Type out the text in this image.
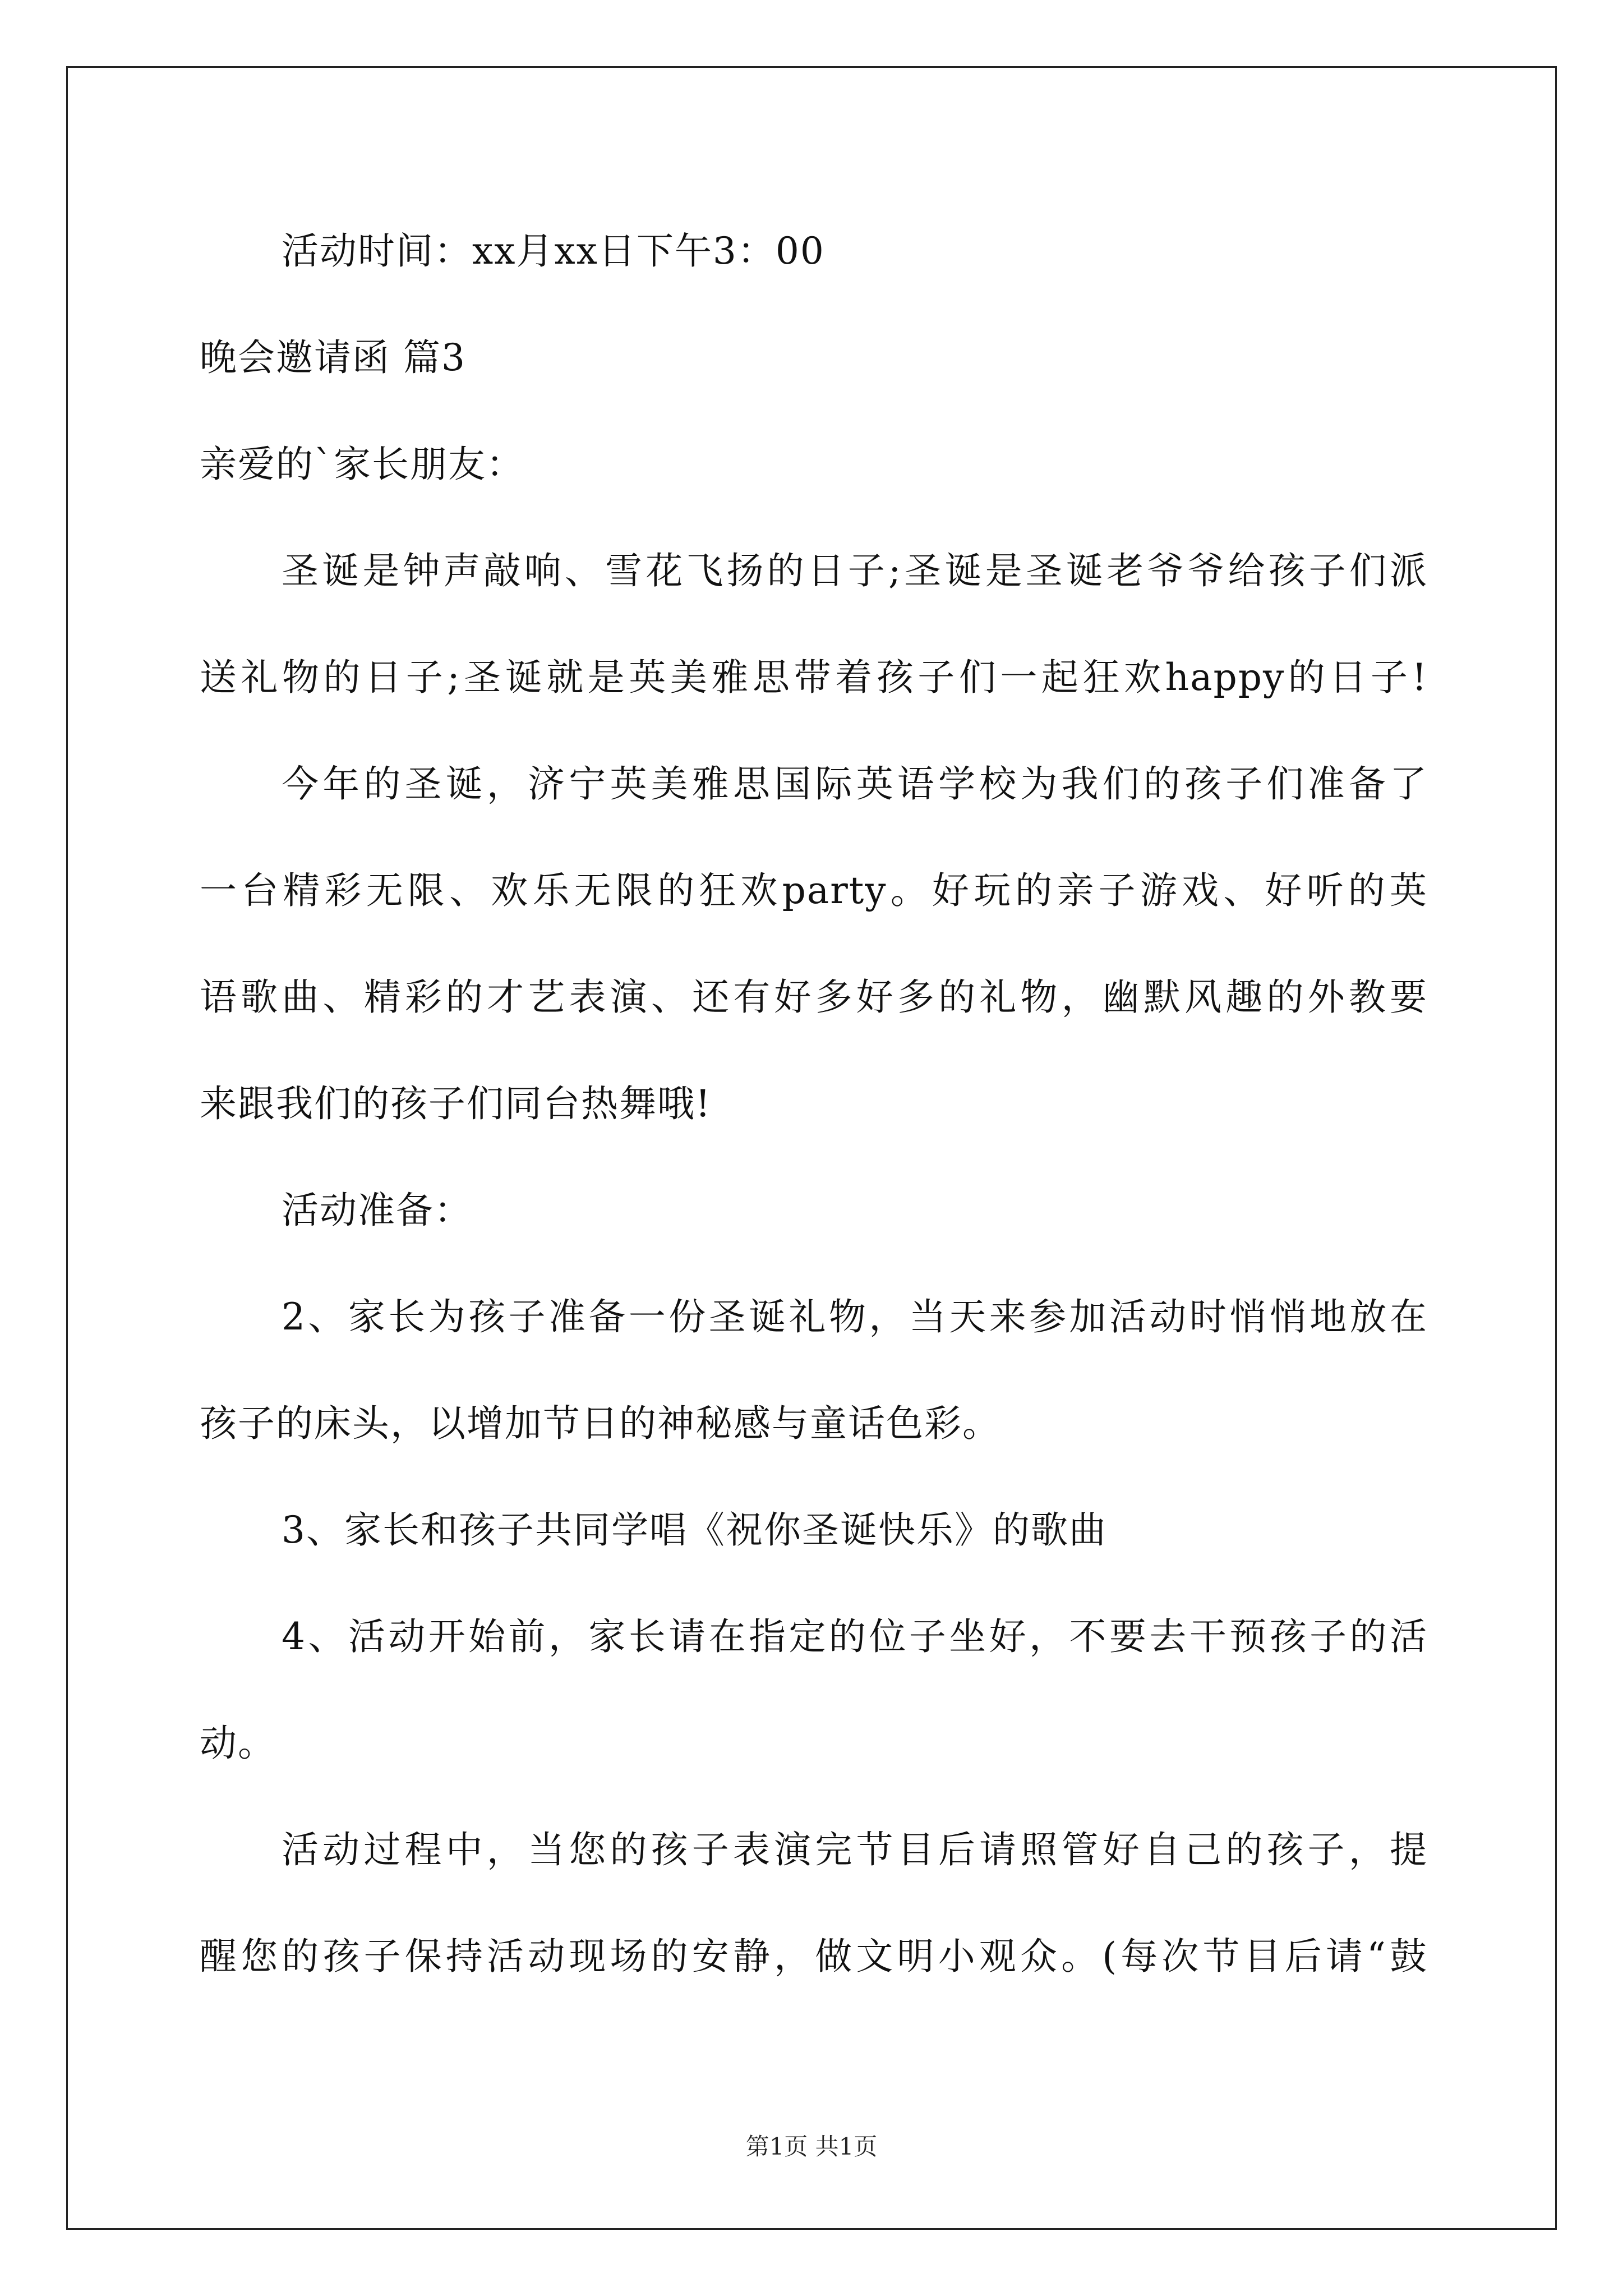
活动时间：xx月xx日下午3：00
晚会邀请函 篇3
亲爱的`家长朋友：
圣诞是钟声敲响、雪花飞扬的日子;圣诞是圣诞老爷爷给孩子们派
送礼物的日子;圣诞就是英美雅思带着孩子们一起狂欢happy的日子!
今年的圣诞，济宁英美雅思国际英语学校为我们的孩子们准备了
一台精彩无限、欢乐无限的狂欢party。好玩的亲子游戏、好听的英
语歌曲、精彩的才艺表演、还有好多好多的礼物，幽默风趣的外教要
来跟我们的孩子们同台热舞哦!
活动准备：
2、家长为孩子准备一份圣诞礼物，当天来参加活动时悄悄地放在
孩子的床头，以增加节日的神秘感与童话色彩。
3、家长和孩子共同学唱《祝你圣诞快乐》的歌曲
4、活动开始前，家长请在指定的位子坐好，不要去干预孩子的活
动。
活动过程中，当您的孩子表演完节目后请照管好自己的孩子，提
醒您的孩子保持活动现场的安静，做文明小观众。(每次节目后请“鼓
第1页 共1页
